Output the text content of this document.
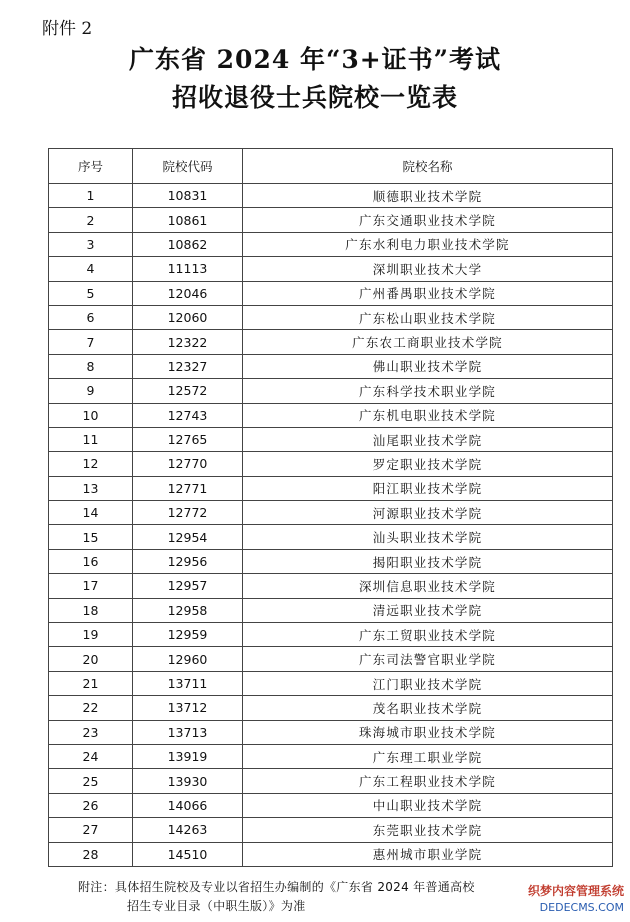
附件 2
广东省 2024 年“3+证书”考试
招收退役士兵院校一览表
序号	院校代码	院校名称
1	10831	顺德职业技术学院
2	10861	广东交通职业技术学院
3	10862	广东水利电力职业技术学院
4	11113	深圳职业技术大学
5	12046	广州番禺职业技术学院
6	12060	广东松山职业技术学院
7	12322	广东农工商职业技术学院
8	12327	佛山职业技术学院
9	12572	广东科学技术职业学院
10	12743	广东机电职业技术学院
11	12765	汕尾职业技术学院
12	12770	罗定职业技术学院
13	12771	阳江职业技术学院
14	12772	河源职业技术学院
15	12954	汕头职业技术学院
16	12956	揭阳职业技术学院
17	12957	深圳信息职业技术学院
18	12958	清远职业技术学院
19	12959	广东工贸职业技术学院
20	12960	广东司法警官职业学院
21	13711	江门职业技术学院
22	13712	茂名职业技术学院
23	13713	珠海城市职业技术学院
24	13919	广东理工职业学院
25	13930	广东工程职业技术学院
26	14066	中山职业技术学院
27	14263	东莞职业技术学院
28	14510	惠州城市职业学院
附注：具体招生院校及专业以省招生办编制的《广东省 2024 年普通高校
招生专业目录（中职生版）》为准
织梦内容管理系统
DEDECMS.COM
